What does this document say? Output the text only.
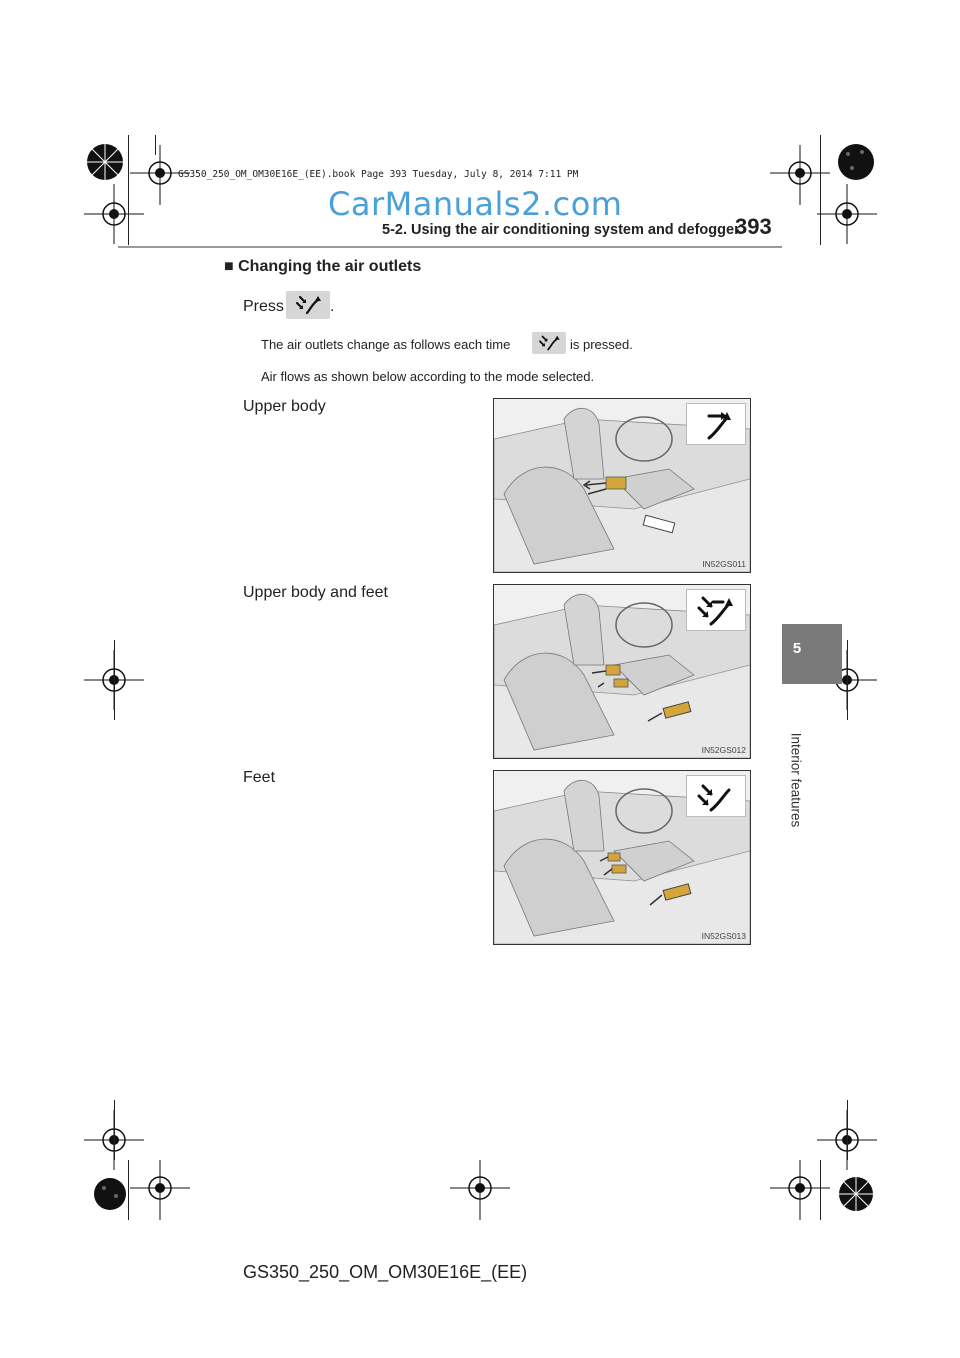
GS350_250_OM_OM30E16E_(EE).book Page 393 Tuesday, July 8, 2014 7:11 PM
CarManuals2.com
5-2. Using the air conditioning system and defogger
393
5
Interior features
■ Changing the air outlets
Press	.
The air outlets change as follows each time	is pressed.
Air flows as shown below according to the mode selected.
Upper body
IN52GS011
Upper body and feet
IN52GS012
Feet
IN52GS013
GS350_250_OM_OM30E16E_(EE)
